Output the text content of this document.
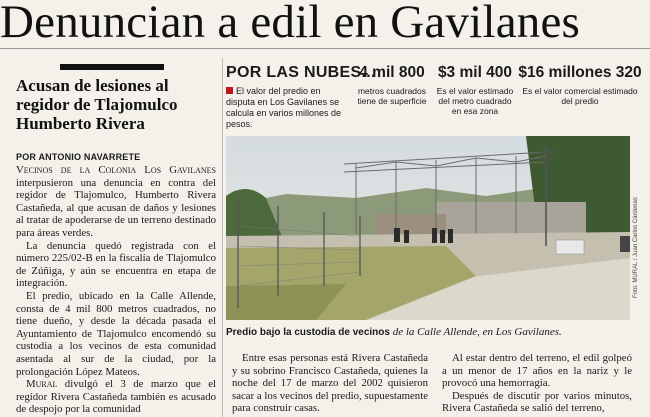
Denuncian a edil en Gavilanes
Acusan de lesiones al regidor de Tlajomulco Humberto Rivera
POR ANTONIO NAVARRETE

Vecinos de la Colonia Los Gavilanes interpusieron una denuncia en contra del regidor de Tlajomulco, Humberto Rivera Castañeda, al que acusan de daños y lesiones al tratar de apoderarse de un terreno destinado para áreas verdes.

La denuncia quedó registrada con el número 225/02-B en la fiscalía de Tlajomulco de Zúñiga, y aún se encuentra en etapa de integración.

El predio, ubicado en la Calle Allende, consta de 4 mil 800 metros cuadrados, no tiene dueño, y desde la década pasada el Ayuntamiento de Tlajomulco encomendó su custodia a los vecinos de esta comunidad asentada al sur de la ciudad, por la prolongación López Mateos.

Mural divulgó el 3 de marzo que el regidor Rivera Castañeda también es acusado de despojo por la comunidad

POR LAS NUBES...
El valor del predio en disputa en Los Gavilanes se calcula en varios millones de pesos.
4 mil 800
metros cuadrados tiene de superficie
$3 mil 400
Es el valor estimado del metro cuadrado en esa zona
$16 millones 320
Es el valor comercial estimado del predio
Foto: MURAL / Juan Carlos Cárdenas
Predio bajo la custodia de vecinos de la Calle Allende, en Los Gavilanes.

Entre esas personas está Rivera Castañeda y su sobrino Francisco Castañeda, quienes la noche del 17 de marzo del 2002 quisieron sacar a los vecinos del predio, supuestamente para construir casas.

Al estar dentro del terreno, el edil golpeó a un menor de 17 años en la nariz y le provocó una hemorragia.

Después de discutir por varios minutos, Rivera Castañeda se salió del terreno,
